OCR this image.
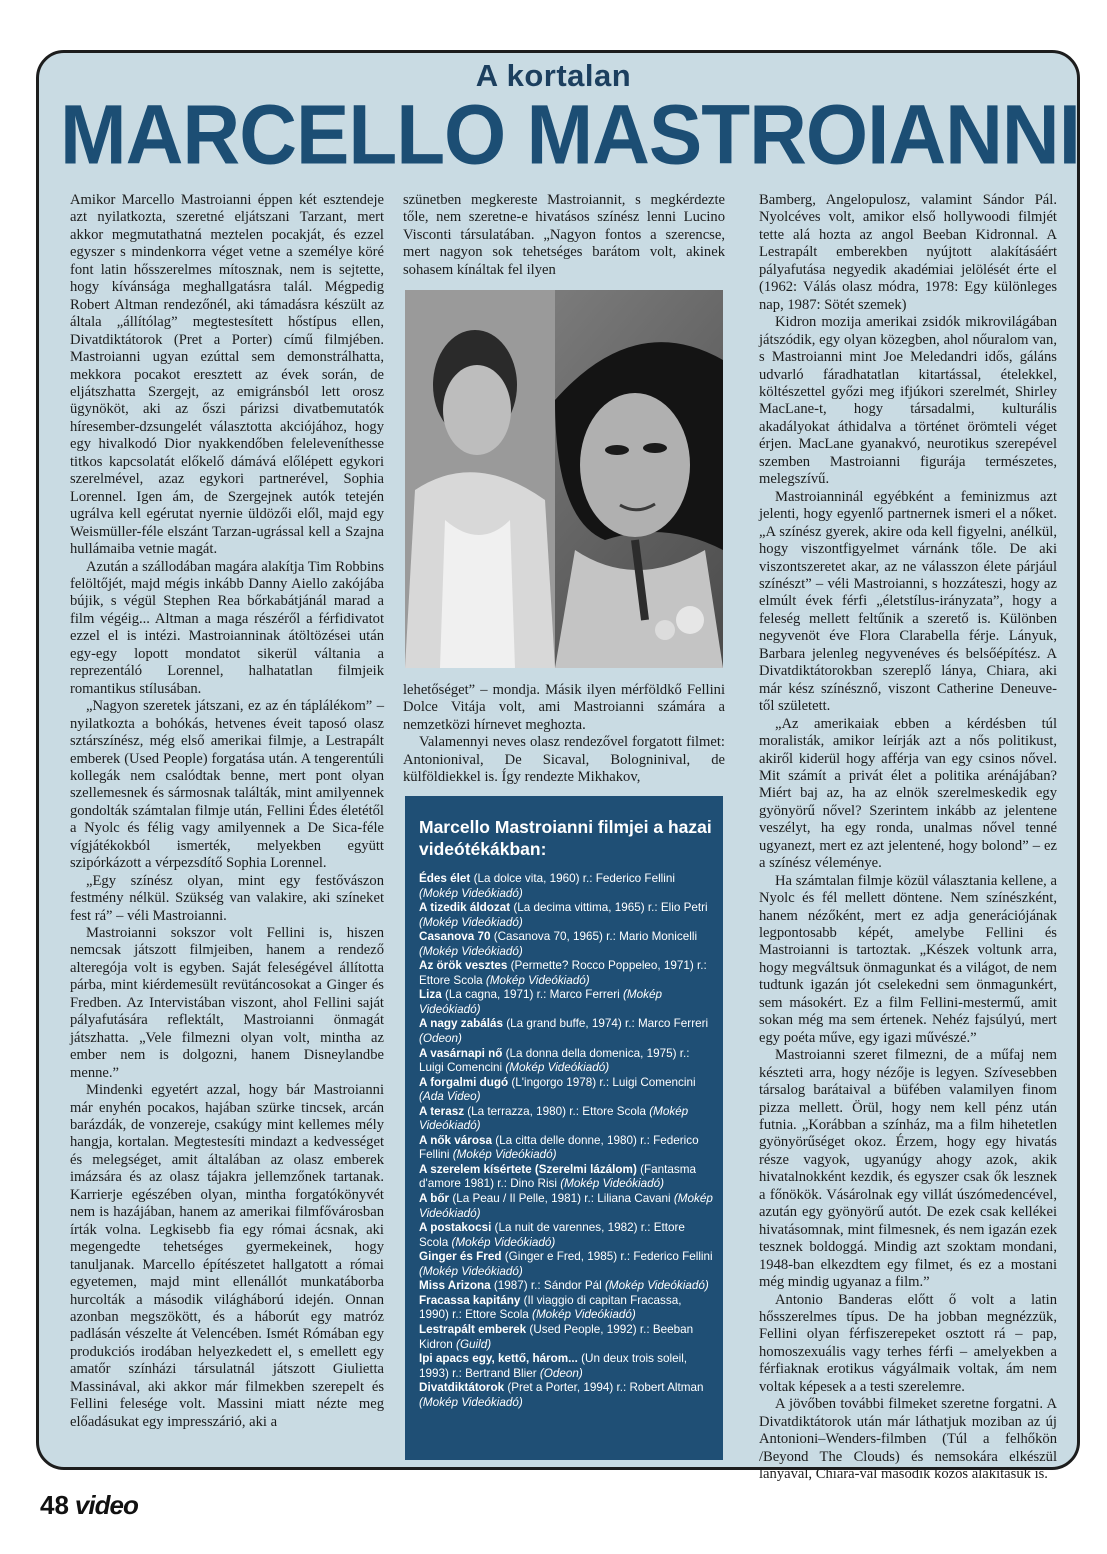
A kortalan
MARCELLO MASTROIANNI

Amikor Marcello Mastroianni éppen két esztendeje azt nyilatkozta, szeretné eljátszani Tarzant, mert akkor megmutathatná meztelen pocakját, és ezzel egyszer s mindenkorra véget vetne a személye köré font latin hősszerelmes mítosznak, nem is sejtette, hogy kívánsága meghallgatásra talál. Mégpedig Robert Altman rendezőnél, aki támadásra készült az általa „állítólag” megtestesített hőstípus ellen, Divatdiktátorok (Pret a Porter) című filmjében. Mastroianni ugyan ezúttal sem demonstrálhatta, mekkora pocakot eresztett az évek során, de eljátszhatta Szergejt, az emigránsból lett orosz ügynököt, aki az őszi párizsi divatbemutatók híresember-dzsungelét választotta akciójához, hogy egy hivalkodó Dior nyakkendőben feleleveníthesse titkos kapcsolatát előkelő dámává előlépett egykori szerelmével, azaz egykori partnerével, Sophia Lorennel. Igen ám, de Szergejnek autók tetején ugrálva kell egérutat nyernie üldözői elől, majd egy Weismüller-féle elszánt Tarzan-ugrással kell a Szajna hullámaiba vetnie magát.

Azután a szállodában magára alakítja Tim Robbins felöltőjét, majd mégis inkább Danny Aiello zakójába bújik, s végül Stephen Rea bőrkabátjánál marad a film végéig... Altman a maga részéről a férfidivatot ezzel el is intézi. Mastroianninak átöltözései után egy-egy lopott mondatot sikerül váltania a reprezentáló Lorennel, halhatatlan filmjeik romantikus stílusában.

„Nagyon szeretek játszani, ez az én táplálékom” – nyilatkozta a bohókás, hetvenes éveit taposó olasz sztárszínész, még első amerikai filmje, a Lestrapált emberek (Used People) forgatása után. A tengerentúli kollegák nem csalódtak benne, mert pont olyan szellemesnek és sármosnak találták, mint amilyennek gondolták számtalan filmje után, Fellini Édes életétől a Nyolc és félig vagy amilyennek a De Sica-féle vígjátékokból ismerték, melyekben együtt szipórkázott a vérpezsdítő Sophia Lorennel.

„Egy színész olyan, mint egy festővászon festmény nélkül. Szükség van valakire, aki színeket fest rá” – véli Mastroianni.

Mastroianni sokszor volt Fellini is, hiszen nemcsak játszott filmjeiben, hanem a rendező alteregója volt is egyben. Saját feleségével állította párba, mint kiérdemesült revütáncosokat a Ginger és Fredben. Az Intervistában viszont, ahol Fellini saját pályafutására reflektált, Mastroianni önmagát játszhatta. „Vele filmezni olyan volt, mintha az ember nem is dolgozni, hanem Disneylandbe menne.”

Mindenki egyetért azzal, hogy bár Mastroianni már enyhén pocakos, hajában szürke tincsek, arcán barázdák, de vonzereje, csakúgy mint kellemes mély hangja, kortalan. Megtestesíti mindazt a kedvességet és melegséget, amit általában az olasz emberek imázsára és az olasz tájakra jellemzőnek tartanak. Karrierje egészében olyan, mintha forgatókönyvét nem is hazájában, hanem az amerikai filmfővárosban írták volna. Legkisebb fia egy római ácsnak, aki megengedte tehetséges gyermekeinek, hogy tanuljanak. Marcello építészetet hallgatott a római egyetemen, majd mint ellenállót munkatáborba hurcolták a második világháború idején. Onnan azonban megszökött, és a háborút egy matróz padlásán vészelte át Velencében. Ismét Rómában egy produkciós irodában helyezkedett el, s emellett egy amatőr színházi társulatnál játszott Giulietta Massinával, aki akkor már filmekben szerepelt és Fellini felesége volt. Massini miatt nézte meg előadásukat egy impresszárió, aki a

szünetben megkereste Mastroiannit, s megkérdezte tőle, nem szeretne-e hivatásos színész lenni Lucino Visconti társulatában. „Nagyon fontos a szerencse, mert nagyon sok tehetséges barátom volt, akinek sohasem kínáltak fel ilyen

lehetőséget” – mondja. Másik ilyen mérföldkő Fellini Dolce Vitája volt, ami Mastroianni számára a nemzetközi hírnevet meghozta.

Valamennyi neves olasz rendezővel forgatott filmet: Antonionival, De Sicaval, Bologninival, de külföldiekkel is. Így rendezte Mikhakov,

Marcello Mastroianni filmjei a hazai videótékákban:
Édes élet (La dolce vita, 1960) r.: Federico Fellini (Mokép Videókiadó)
A tizedik áldozat (La decima vittima, 1965) r.: Elio Petri (Mokép Videókiadó)
Casanova 70 (Casanova 70, 1965) r.: Mario Monicelli (Mokép Videókiadó)
Az örök vesztes (Permette? Rocco Poppeleo, 1971) r.: Ettore Scola (Mokép Videókiadó)
Liza (La cagna, 1971) r.: Marco Ferreri (Mokép Videókiadó)
A nagy zabálás (La grand buffe, 1974) r.: Marco Ferreri (Odeon)
A vasárnapi nő (La donna della domenica, 1975) r.: Luigi Comencini (Mokép Videókiadó)
A forgalmi dugó (L'ingorgo 1978) r.: Luigi Comencini (Ada Video)
A terasz (La terrazza, 1980) r.: Ettore Scola (Mokép Videókiadó)
A nők városa (La citta delle donne, 1980) r.: Federico Fellini (Mokép Videókiadó)
A szerelem kísértete (Szerelmi lázálom) (Fantasma d'amore 1981) r.: Dino Risi (Mokép Videókiadó)
A bőr (La Peau / Il Pelle, 1981) r.: Liliana Cavani (Mokép Videókiadó)
A postakocsi (La nuit de varennes, 1982) r.: Ettore Scola (Mokép Videókiadó)
Ginger és Fred (Ginger e Fred, 1985) r.: Federico Fellini (Mokép Videókiadó)
Miss Arizona (1987) r.: Sándor Pál (Mokép Videókiadó)
Fracassa kapitány (Il viaggio di capitan Fracassa, 1990) r.: Ettore Scola (Mokép Videókiadó)
Lestrapált emberek (Used People, 1992) r.: Beeban Kidron (Guild)
Ipi apacs egy, kettő, három... (Un deux trois soleil, 1993) r.: Bertrand Blier (Odeon)
Divatdiktátorok (Pret a Porter, 1994) r.: Robert Altman (Mokép Videókiadó)

Bamberg, Angelopulosz, valamint Sándor Pál. Nyolcéves volt, amikor első hollywoodi filmjét tette alá hozta az angol Beeban Kidronnal. A Lestrapált emberekben nyújtott alakításáért pályafutása negyedik akadémiai jelölését érte el (1962: Válás olasz módra, 1978: Egy különleges nap, 1987: Sötét szemek)

Kidron mozija amerikai zsidók mikrovilágában játszódik, egy olyan közegben, ahol nőuralom van, s Mastroianni mint Joe Meledandri idős, gáláns udvarló fáradhatatlan kitartással, ételekkel, költészettel győzi meg ifjúkori szerelmét, Shirley MacLane-t, hogy társadalmi, kulturális akadályokat áthidalva a történet örömteli véget érjen. MacLane gyanakvó, neurotikus szerepével szemben Mastroianni figurája természetes, melegszívű.

Mastroianninál egyébként a feminizmus azt jelenti, hogy egyenlő partnernek ismeri el a nőket. „A színész gyerek, akire oda kell figyelni, anélkül, hogy viszontfigyelmet várnánk tőle. De aki viszontszeretet akar, az ne válasszon élete párjául színészt” – véli Mastroianni, s hozzáteszi, hogy az elmúlt évek férfi „életstílus-irányzata”, hogy a feleség mellett feltűnik a szerető is. Különben negyvenöt éve Flora Clarabella férje. Lányuk, Barbara jelenleg negyvenéves és belsőépítész. A Divatdiktátorokban szereplő lánya, Chiara, aki már kész színésznő, viszont Catherine Deneuve-től született.

„Az amerikaiak ebben a kérdésben túl moralisták, amikor leírják azt a nős politikust, akiről kiderül hogy afférja van egy csinos nővel. Mit számít a privát élet a politika arénájában? Miért baj az, ha az elnök szerelmeskedik egy gyönyörű nővel? Szerintem inkább az jelentene veszélyt, ha egy ronda, unalmas nővel tenné ugyanezt, mert ez azt jelentené, hogy bolond” – ez a színész véleménye.

Ha számtalan filmje közül választania kellene, a Nyolc és fél mellett döntene. Nem színészként, hanem nézőként, mert ez adja generációjának legpontosabb képét, amelybe Fellini és Mastroianni is tartoztak. „Készek voltunk arra, hogy megváltsuk önmagunkat és a világot, de nem tudtunk igazán jót cselekedni sem önmagunkért, sem másokért. Ez a film Fellini-mestermű, amit sokan még ma sem értenek. Nehéz fajsúlyú, mert egy poéta műve, egy igazi művészé.”

Mastroianni szeret filmezni, de a műfaj nem készteti arra, hogy nézője is legyen. Szívesebben társalog barátaival a büfében valamilyen finom pizza mellett. Örül, hogy nem kell pénz után futnia. „Korábban a színház, ma a film hihetetlen gyönyörűséget okoz. Érzem, hogy egy hivatás része vagyok, ugyanúgy ahogy azok, akik hivatalnokként kezdik, és egyszer csak ők lesznek a főnökök. Vásárolnak egy villát úszómedencével, azután egy gyönyörű autót. De ezek csak kellékei hivatásomnak, mint filmesnek, és nem igazán ezek tesznek boldoggá. Mindig azt szoktam mondani, 1948-ban elkezdtem egy filmet, és ez a mostani még mindig ugyanaz a film.”

Antonio Banderas előtt ő volt a latin hősszerelmes típus. De ha jobban megnézzük, Fellini olyan férfiszerepeket osztott rá – pap, homoszexuális vagy terhes férfi – amelyekben a férfiaknak erotikus vágyálmaik voltak, ám nem voltak képesek a a testi szerelemre.

A jövőben további filmeket szeretne forgatni. A Divatdiktátorok után már láthatjuk moziban az új Antonioni–Wenders-filmben (Túl a felhőkön /Beyond The Clouds) és nemsokára elkészül lányával, Chiara-val második közös alakításuk is.

48 video
